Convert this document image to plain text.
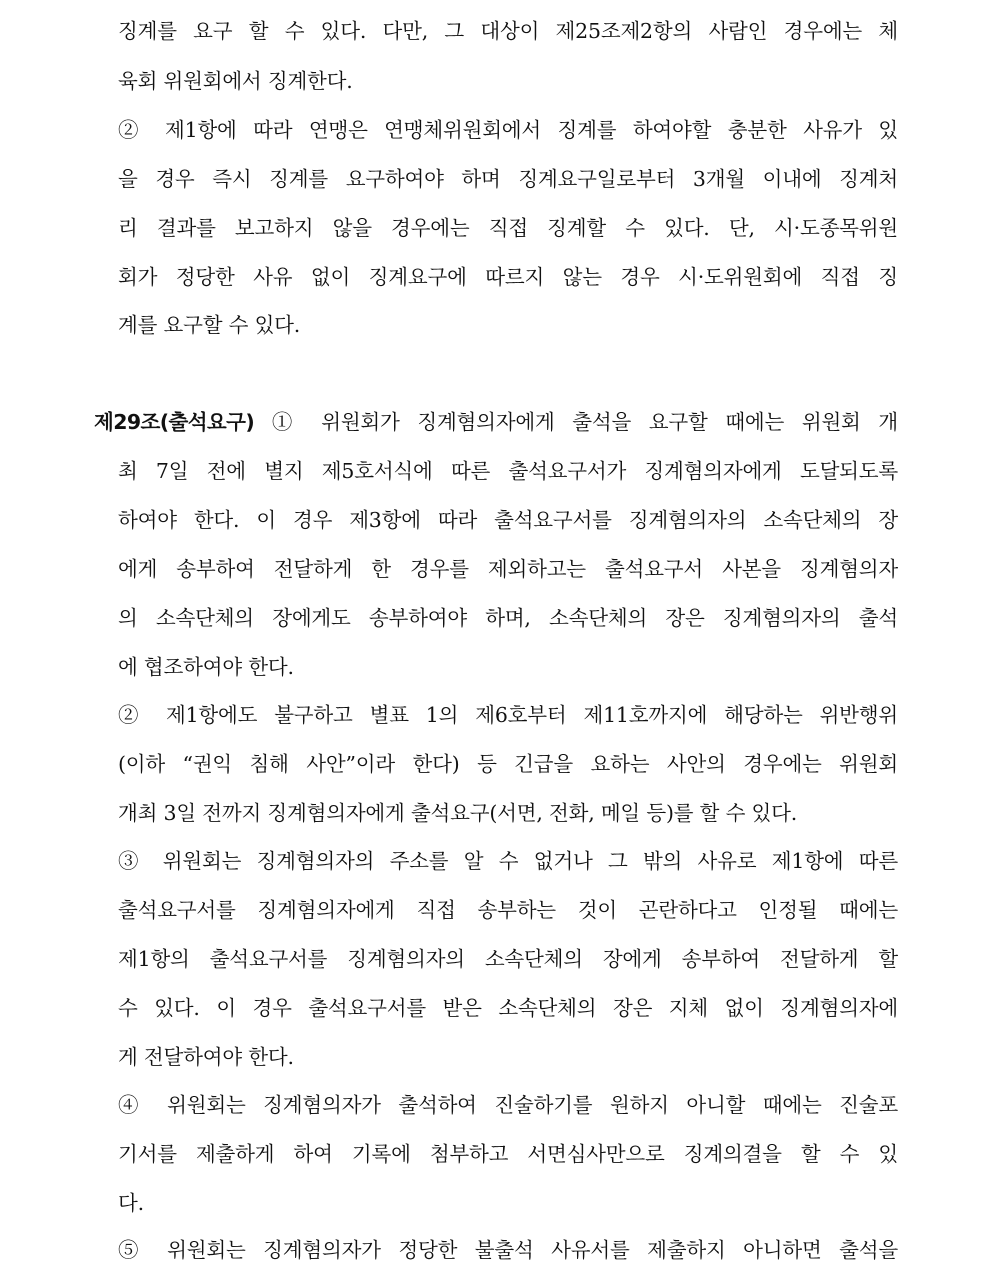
징계를 요구 할 수 있다. 다만, 그 대상이 제25조제2항의 사람인 경우에는 체
육회 위원회에서 징계한다.
② 제1항에 따라 연맹은 연맹체위원회에서 징계를 하여야할 충분한 사유가 있
을 경우 즉시 징계를 요구하여야 하며 징계요구일로부터 3개월 이내에 징계처
리 결과를 보고하지 않을 경우에는 직접 징계할 수 있다. 단, 시·도종목위원
회가 정당한 사유 없이 징계요구에 따르지 않는 경우 시·도위원회에 직접 징
계를 요구할 수 있다.
제29조(출석요구) ① 위원회가 징계혐의자에게 출석을 요구할 때에는 위원회 개
최 7일 전에 별지 제5호서식에 따른 출석요구서가 징계혐의자에게 도달되도록
하여야 한다. 이 경우 제3항에 따라 출석요구서를 징계혐의자의 소속단체의 장
에게 송부하여 전달하게 한 경우를 제외하고는 출석요구서 사본을 징계혐의자
의 소속단체의 장에게도 송부하여야 하며, 소속단체의 장은 징계혐의자의 출석
에 협조하여야 한다.
② 제1항에도 불구하고 별표 1의 제6호부터 제11호까지에 해당하는 위반행위
(이하 “권익 침해 사안”이라 한다) 등 긴급을 요하는 사안의 경우에는 위원회
개최 3일 전까지 징계혐의자에게 출석요구(서면, 전화, 메일 등)를 할 수 있다.
③ 위원회는 징계혐의자의 주소를 알 수 없거나 그 밖의 사유로 제1항에 따른
출석요구서를 징계혐의자에게 직접 송부하는 것이 곤란하다고 인정될 때에는
제1항의 출석요구서를 징계혐의자의 소속단체의 장에게 송부하여 전달하게 할
수 있다. 이 경우 출석요구서를 받은 소속단체의 장은 지체 없이 징계혐의자에
게 전달하여야 한다.
④ 위원회는 징계혐의자가 출석하여 진술하기를 원하지 아니할 때에는 진술포
기서를 제출하게 하여 기록에 첨부하고 서면심사만으로 징계의결을 할 수 있
다.
⑤ 위원회는 징계혐의자가 정당한 불출석 사유서를 제출하지 아니하면 출석을
